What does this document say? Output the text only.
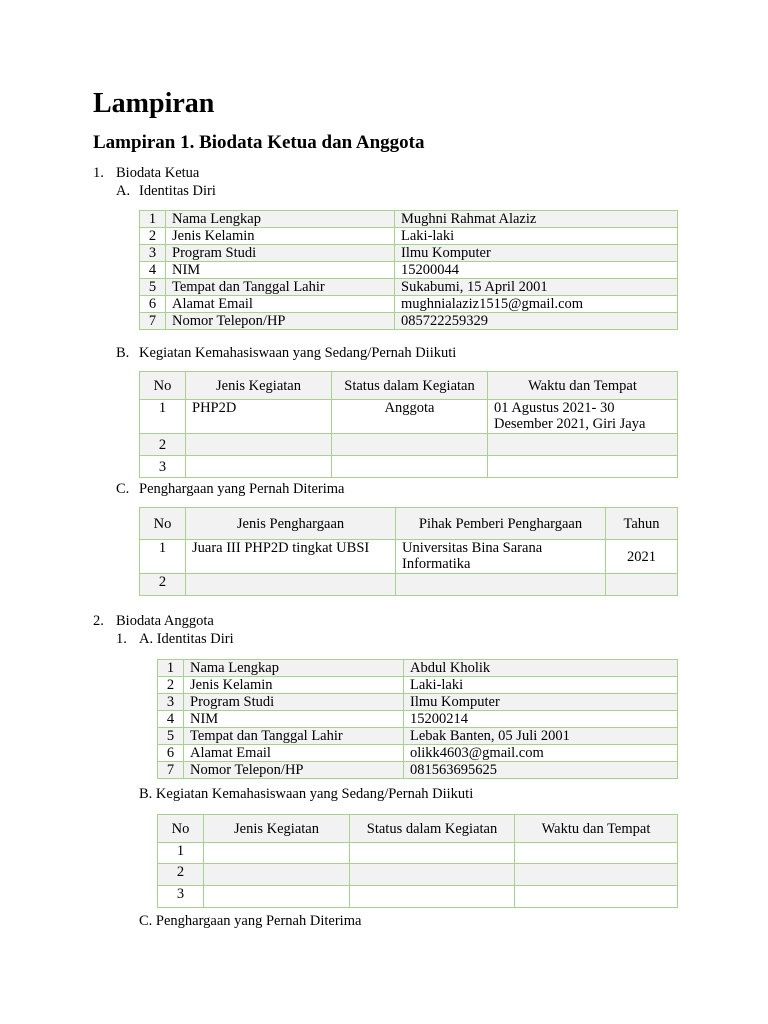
Lampiran
Lampiran 1. Biodata Ketua dan Anggota
1. Biodata Ketua
A. Identitas Diri
1	Nama Lengkap	Mughni Rahmat Alaziz
2	Jenis Kelamin	Laki-laki
3	Program Studi	Ilmu Komputer
4	NIM	15200044
5	Tempat dan Tanggal Lahir	Sukabumi, 15 April 2001
6	Alamat Email	mughnialaziz1515@gmail.com
7	Nomor Telepon/HP	085722259329
B. Kegiatan Kemahasiswaan yang Sedang/Pernah Diikuti
No	Jenis Kegiatan	Status dalam Kegiatan	Waktu dan Tempat
1	PHP2D	Anggota	01 Agustus 2021- 30 Desember 2021, Giri Jaya
2			
3			
C. Penghargaan yang Pernah Diterima
No	Jenis Penghargaan	Pihak Pemberi Penghargaan	Tahun
1	Juara III PHP2D tingkat UBSI	Universitas Bina Sarana Informatika	2021
2			
2. Biodata Anggota
1. A. Identitas Diri
1	Nama Lengkap	Abdul Kholik
2	Jenis Kelamin	Laki-laki
3	Program Studi	Ilmu Komputer
4	NIM	15200214
5	Tempat dan Tanggal Lahir	Lebak Banten, 05 Juli 2001
6	Alamat Email	olikk4603@gmail.com
7	Nomor Telepon/HP	081563695625
B. Kegiatan Kemahasiswaan yang Sedang/Pernah Diikuti
No	Jenis Kegiatan	Status dalam Kegiatan	Waktu dan Tempat
1			
2			
3			
C. Penghargaan yang Pernah Diterima
